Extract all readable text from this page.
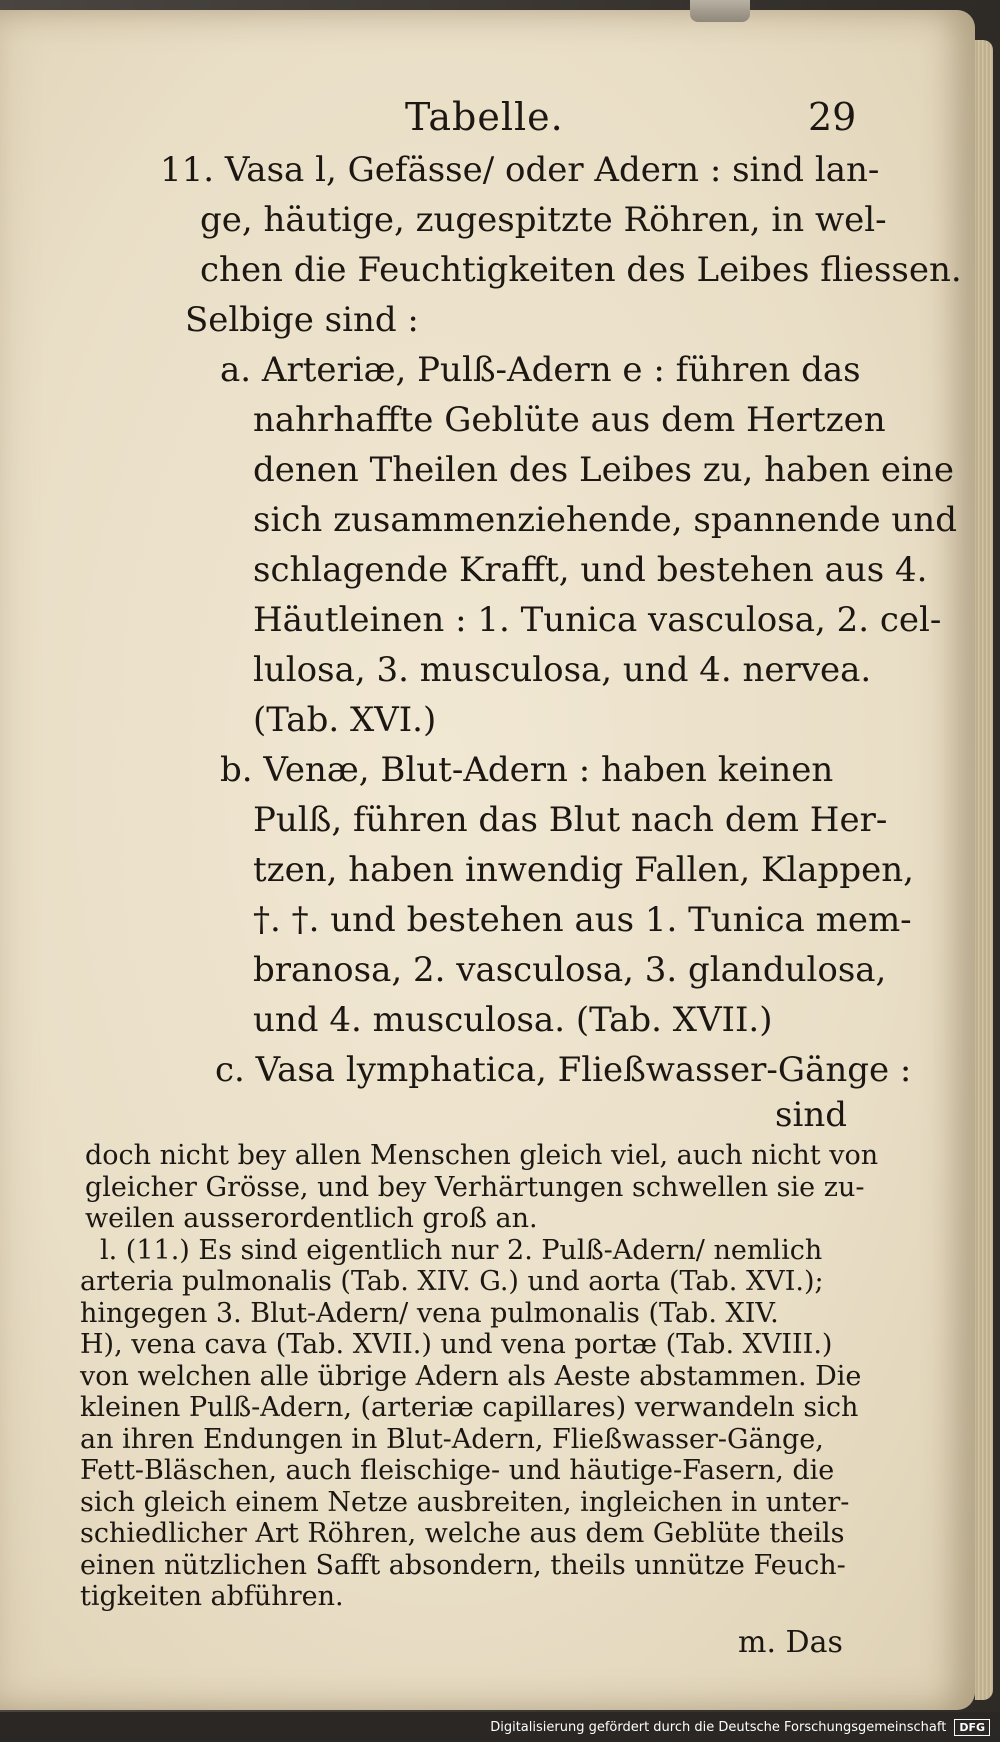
Tabelle.	29
11. Vasa l, Gefässe/ oder Adern : sind lan-
ge, häutige, zugespitzte Röhren, in wel-
chen die Feuchtigkeiten des Leibes fliessen.
Selbige sind :
a. Arteriæ, Pulß-Adern e : führen das
nahrhaffte Geblüte aus dem Hertzen
denen Theilen des Leibes zu, haben eine
sich zusammenziehende, spannende und
schlagende Krafft, und bestehen aus 4.
Häutleinen : 1. Tunica vasculosa, 2. cel-
lulosa, 3. musculosa, und 4. nervea.
(Tab. XVI.)
b. Venæ, Blut-Adern : haben keinen
Pulß, führen das Blut nach dem Her-
tzen, haben inwendig Fallen, Klappen,
†. †. und bestehen aus 1. Tunica mem-
branosa, 2. vasculosa, 3. glandulosa,
und 4. musculosa. (Tab. XVII.)
c. Vasa lymphatica, Fließwasser-Gänge :
sind
doch nicht bey allen Menschen gleich viel, auch nicht von
gleicher Grösse, und bey Verhärtungen schwellen sie zu-
weilen ausserordentlich groß an.
l. (11.) Es sind eigentlich nur 2. Pulß-Adern/ nemlich
arteria pulmonalis (Tab. XIV. G.) und aorta (Tab. XVI.);
hingegen 3. Blut-Adern/ vena pulmonalis (Tab. XIV.
H), vena cava (Tab. XVII.) und vena portæ (Tab. XVIII.)
von welchen alle übrige Adern als Aeste abstammen. Die
kleinen Pulß-Adern, (arteriæ capillares) verwandeln sich
an ihren Endungen in Blut-Adern, Fließwasser-Gänge,
Fett-Bläschen, auch fleischige- und häutige-Fasern, die
sich gleich einem Netze ausbreiten, ingleichen in unter-
schiedlicher Art Röhren, welche aus dem Geblüte theils
einen nützlichen Safft absondern, theils unnütze Feuch-
tigkeiten abführen.
m. Das
Digitalisierung gefördert durch die Deutsche Forschungsgemeinschaft	DFG
